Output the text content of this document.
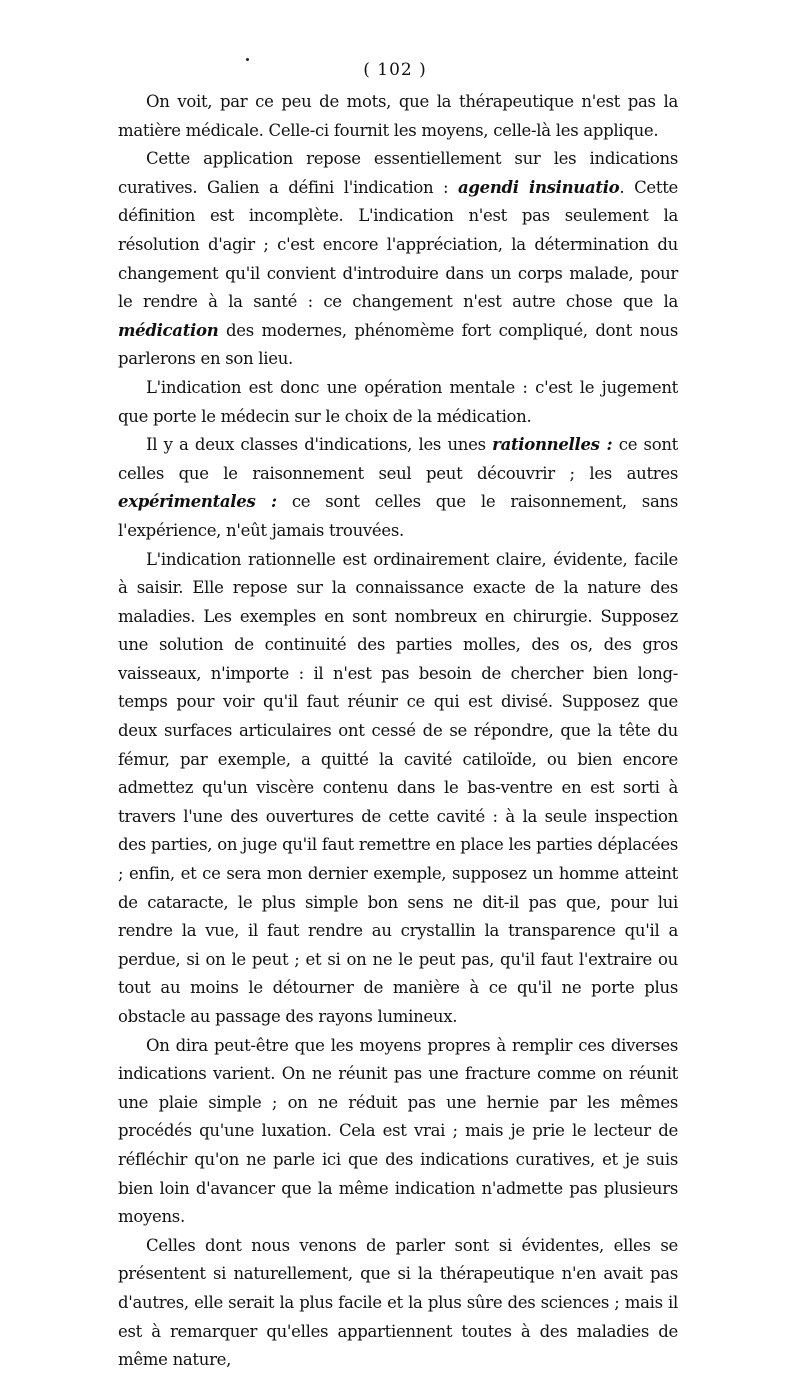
( 102 )

On voit, par ce peu de mots, que la thérapeutique n'est pas la matière médicale. Celle-ci fournit les moyens, celle-là les applique.

Cette application repose essentiellement sur les indications curatives. Galien a défini l'indication : agendi insinuatio. Cette définition est incomplète. L'indication n'est pas seulement la résolution d'agir ; c'est encore l'appréciation, la détermination du changement qu'il convient d'introduire dans un corps malade, pour le rendre à la santé : ce changement n'est autre chose que la médication des modernes, phénomème fort compliqué, dont nous parlerons en son lieu.

L'indication est donc une opération mentale : c'est le jugement que porte le médecin sur le choix de la médication.

Il y a deux classes d'indications, les unes rationnelles : ce sont celles que le raisonnement seul peut découvrir ; les autres expérimentales : ce sont celles que le raisonnement, sans l'expérience, n'eût jamais trouvées.

L'indication rationnelle est ordinairement claire, évidente, facile à saisir. Elle repose sur la connaissance exacte de la nature des maladies. Les exemples en sont nombreux en chirurgie. Supposez une solution de continuité des parties molles, des os, des gros vaisseaux, n'importe : il n'est pas besoin de chercher bien long-temps pour voir qu'il faut réunir ce qui est divisé. Supposez que deux surfaces articulaires ont cessé de se répondre, que la tête du fémur, par exemple, a quitté la cavité catiloïde, ou bien encore admettez qu'un viscère contenu dans le bas-ventre en est sorti à travers l'une des ouvertures de cette cavité : à la seule inspection des parties, on juge qu'il faut remettre en place les parties déplacées ; enfin, et ce sera mon dernier exemple, supposez un homme atteint de cataracte, le plus simple bon sens ne dit-il pas que, pour lui rendre la vue, il faut rendre au crystallin la transparence qu'il a perdue, si on le peut ; et si on ne le peut pas, qu'il faut l'extraire ou tout au moins le détourner de manière à ce qu'il ne porte plus obstacle au passage des rayons lumineux.

On dira peut-être que les moyens propres à remplir ces diverses indications varient. On ne réunit pas une fracture comme on réunit une plaie simple ; on ne réduit pas une hernie par les mêmes procédés qu'une luxation. Cela est vrai ; mais je prie le lecteur de réfléchir qu'on ne parle ici que des indications curatives, et je suis bien loin d'avancer que la même indication n'admette pas plusieurs moyens.

Celles dont nous venons de parler sont si évidentes, elles se présentent si naturellement, que si la thérapeutique n'en avait pas d'autres, elle serait la plus facile et la plus sûre des sciences ; mais il est à remarquer qu'elles appartiennent toutes à des maladies de même nature,
